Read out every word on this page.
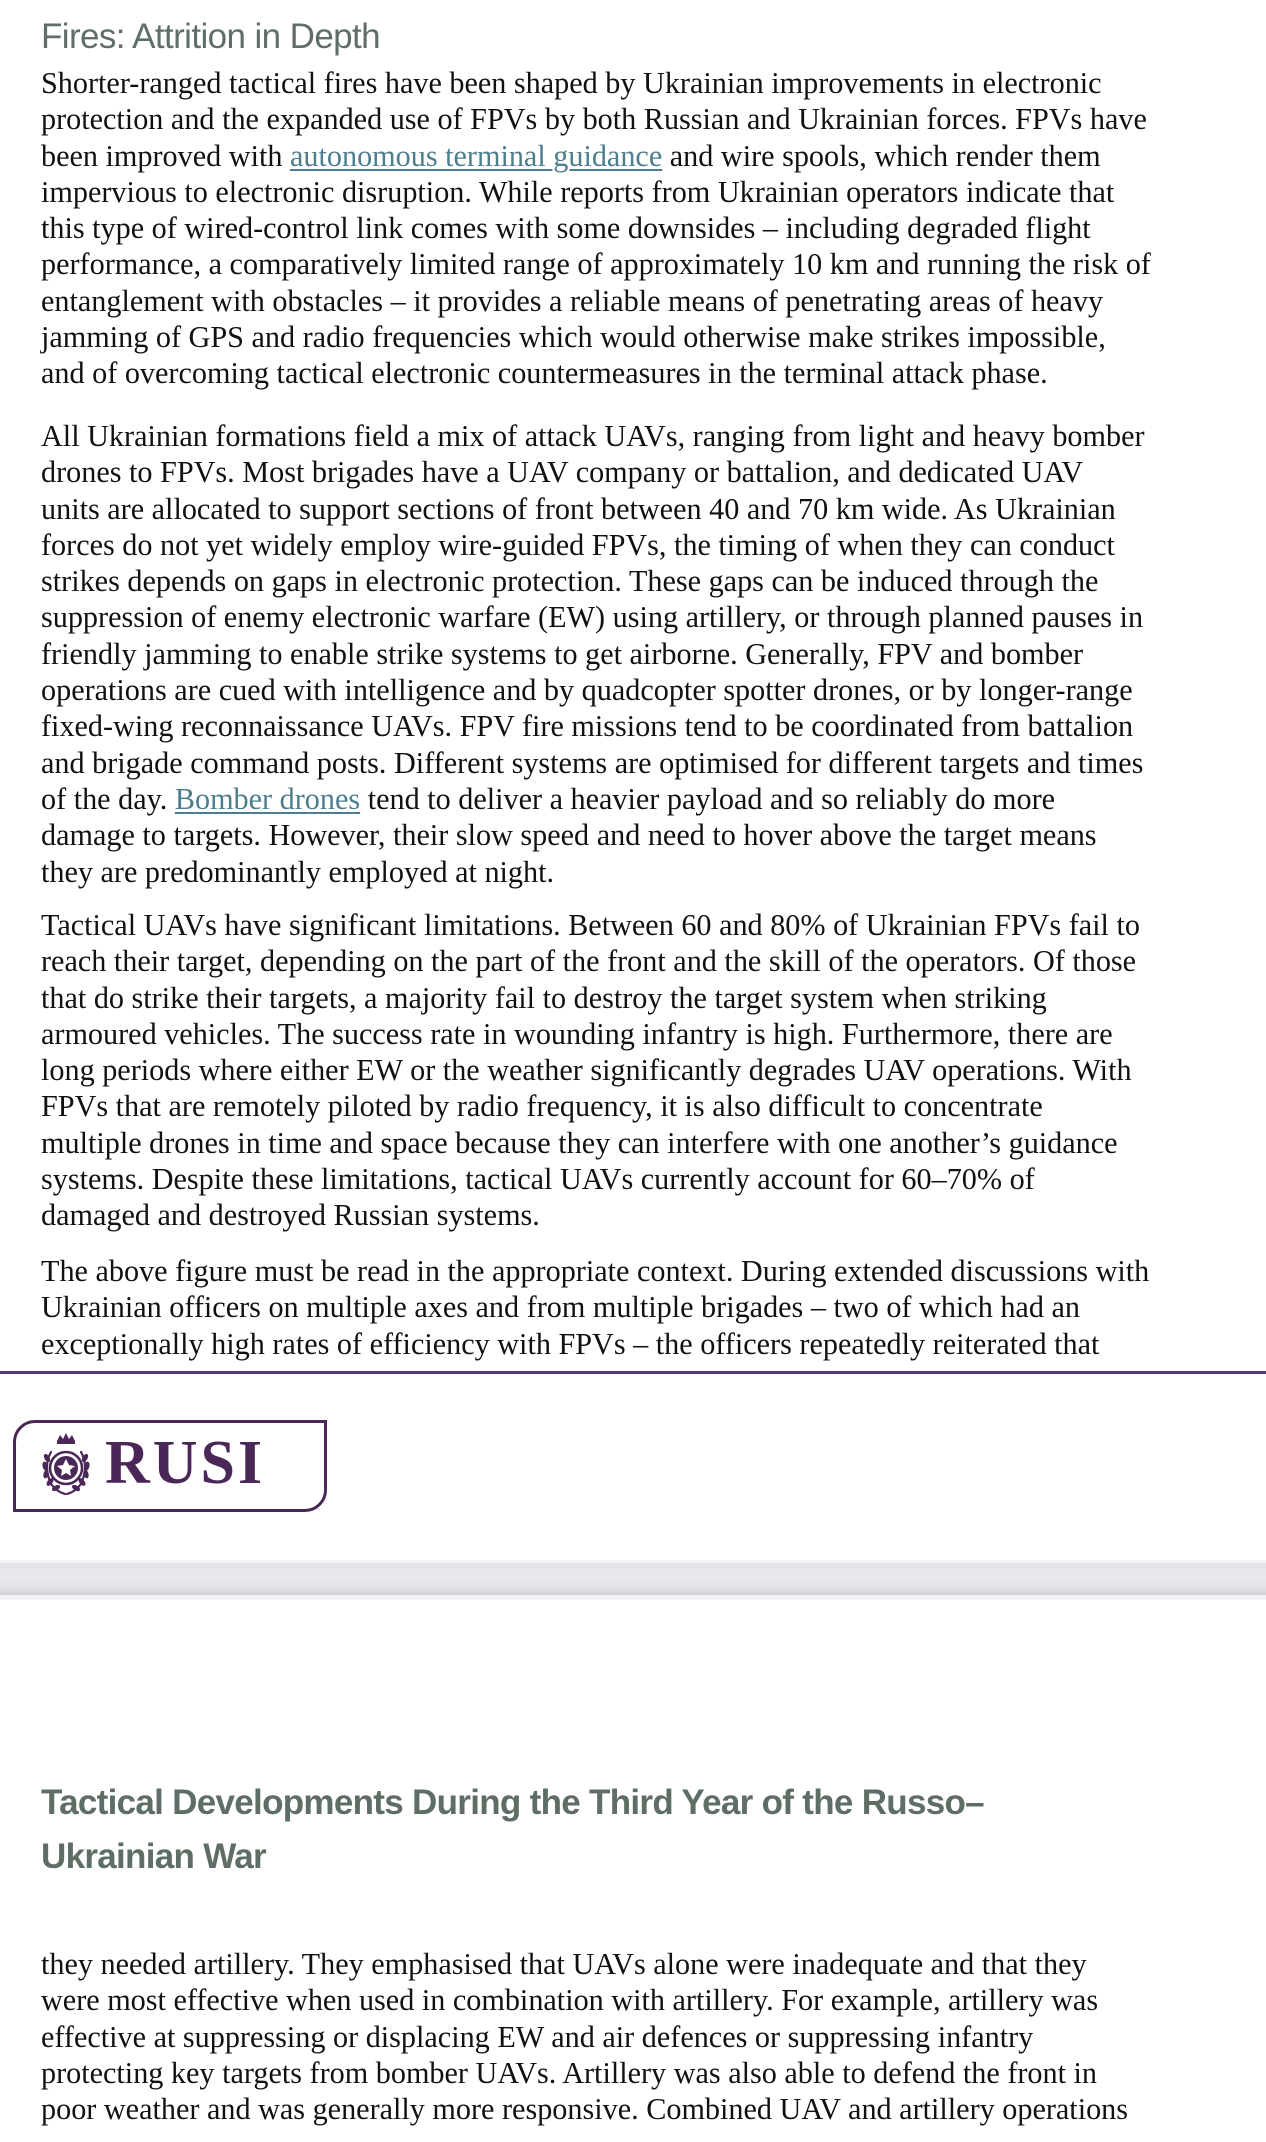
Fires: Attrition in Depth
Shorter-ranged tactical fires have been shaped by Ukrainian improvements in electronic
protection and the expanded use of FPVs by both Russian and Ukrainian forces. FPVs have
been improved with autonomous terminal guidance and wire spools, which render them
impervious to electronic disruption. While reports from Ukrainian operators indicate that
this type of wired-control link comes with some downsides – including degraded flight
performance, a comparatively limited range of approximately 10 km and running the risk of
entanglement with obstacles – it provides a reliable means of penetrating areas of heavy
jamming of GPS and radio frequencies which would otherwise make strikes impossible,
and of overcoming tactical electronic countermeasures in the terminal attack phase.
All Ukrainian formations field a mix of attack UAVs, ranging from light and heavy bomber
drones to FPVs. Most brigades have a UAV company or battalion, and dedicated UAV
units are allocated to support sections of front between 40 and 70 km wide. As Ukrainian
forces do not yet widely employ wire-guided FPVs, the timing of when they can conduct
strikes depends on gaps in electronic protection. These gaps can be induced through the
suppression of enemy electronic warfare (EW) using artillery, or through planned pauses in
friendly jamming to enable strike systems to get airborne. Generally, FPV and bomber
operations are cued with intelligence and by quadcopter spotter drones, or by longer-range
fixed-wing reconnaissance UAVs. FPV fire missions tend to be coordinated from battalion
and brigade command posts. Different systems are optimised for different targets and times
of the day. Bomber drones tend to deliver a heavier payload and so reliably do more
damage to targets. However, their slow speed and need to hover above the target means
they are predominantly employed at night.
Tactical UAVs have significant limitations. Between 60 and 80% of Ukrainian FPVs fail to
reach their target, depending on the part of the front and the skill of the operators. Of those
that do strike their targets, a majority fail to destroy the target system when striking
armoured vehicles. The success rate in wounding infantry is high. Furthermore, there are
long periods where either EW or the weather significantly degrades UAV operations. With
FPVs that are remotely piloted by radio frequency, it is also difficult to concentrate
multiple drones in time and space because they can interfere with one another’s guidance
systems. Despite these limitations, tactical UAVs currently account for 60–70% of
damaged and destroyed Russian systems.
The above figure must be read in the appropriate context. During extended discussions with
Ukrainian officers on multiple axes and from multiple brigades – two of which had an
exceptionally high rates of efficiency with FPVs – the officers repeatedly reiterated that
RUSI
Tactical Developments During the Third Year of the Russo–
Ukrainian War
they needed artillery. They emphasised that UAVs alone were inadequate and that they
were most effective when used in combination with artillery. For example, artillery was
effective at suppressing or displacing EW and air defences or suppressing infantry
protecting key targets from bomber UAVs. Artillery was also able to defend the front in
poor weather and was generally more responsive. Combined UAV and artillery operations
